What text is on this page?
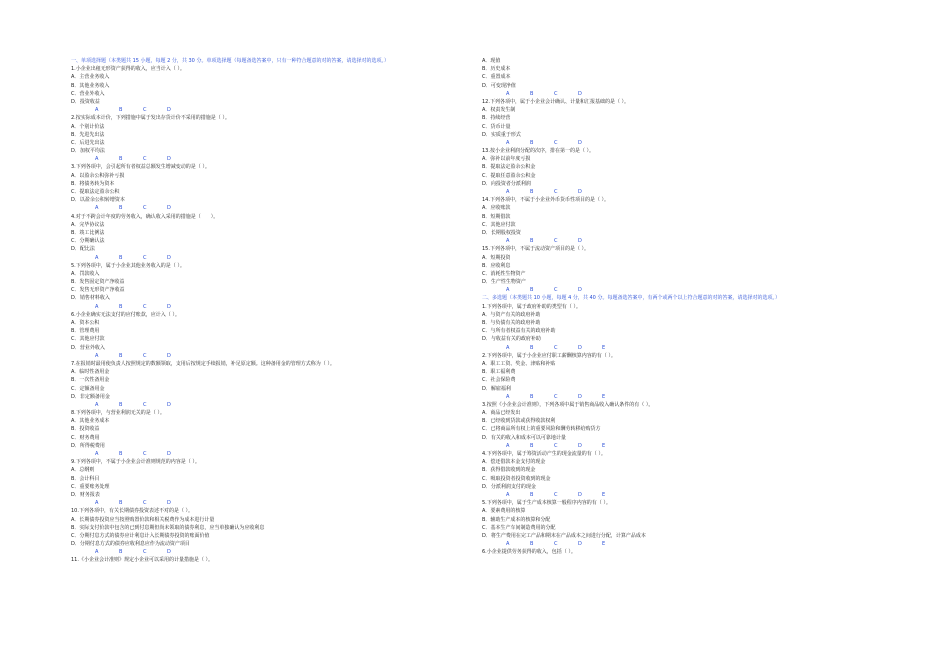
一、单项选择题（本类题共 15 小题，每题 2 分，共 30 分。单项选择题（每题备选答案中，只有一种符合题意的对的答案，请选择对的选项。）
1.小企业出租无形资产获得的收入，应当计入（ ）。
A．主营业务收入
B．其他业务收入
C．营业外收入
D．投资收益
A	B	C	D
2.按实际成本计价，下列措施中属于发出存货计价不采用的措施是（ ）。
A．个别计价法
B．先进先出法
C．后进先出法
D．加权平均法
A	B	C	D
3.下列各项中，会引起所有者权益总额发生增减变动的是（ ）。
A．以盈余公积弥补亏损
B．将债务转为资本
C．提取法定盈余公积
D．以盈余公积转增资本
A	B	C	D
4.对于不跨会计年度的劳务收入，确认收入采用的措施是（　　）。
A．完毕协议法
B．竣工比例法
C．分期确认法
D．配比法
A	B	C	D
5.下列各项中，属于小企业其他业务收入的是（ ）。
A．罚款收入
B．发售固定资产净收益
C．发售无形资产净收益
D．销售材料收入
A	B	C	D
6.小企业确实无法支付的应付账款，应计入（ ）。
A．资本公积
B．管理费用
C．其他应付款
D．营业外收入
A	B	C	D
7.在报销时最用使负责人按照规定的数额领取，支用后按规定手续报销，补足原定额。这种备用金的管理方式称为（ ）。
A．临时性备用金
B．一次性备用金
C．定额备用金
D．非定额备用金
A	B	C	D
8.下列各项中，与营业利润无关的是（ ）。
A．其他业务成本
B．投资收益
C．财务费用
D．所得税费用
A	B	C	D
9.下列各项中，不属于小企业会计准则规范的内容是（ ）。
A．总纲则
B．会计科目
C．重要账务处理
D．财务报表
A	B	C	D
10.下列各项中，有关长期债券投资表述不对的是（ ）。
A．长期债券投资应当按照购置价款和相关税费作为成本进行计量
B．实际支付价款中包含的已到付息期但尚未领取的债券利息，应当单独确认为应收利息
C．分期付息方式的债券应计利息计入长期债券投资的账面价值
D．分期付息方式的债券应收利息应作为流动资产项目
A	B	C	D
11.《小企业会计准则》规定小企业可以采用的计量措施是（ ）。
A．现值
B．历史成本
C．重置成本
D．可变现净值
A	B	C	D
12.下列各项中，属于小企业会计确认、计量和汇报基础的是（ ）。
A．权责发生制
B．持续经营
C．货币计量
D．实质重于形式
A	B	C	D
13.按小企业利润分配的次序，排在第一的是（ ）。
A．弥补以前年度亏损
B．提取法定盈余公积金
C．提取任意盈余公积金
D．向投资者分派利润
A	B	C	D
14.下列各项中，不属于小企业外币货币性项目的是（ ）。
A．应收账款
B．短期借款
C．其他应付款
D．长期股权投资
A	B	C	D
15.下列各项中，不属于流动资产项目的是（ ）。
A．短期投资
B．应收利息
C．消耗性生物资产
D．生产性生物资产
A	B	C	D
二、多选题（本类题共 10 小题，每题 4 分，共 40 分。每题备选答案中，有两个或两个以上符合题意的对的答案，请选择对的选项。）
1.下列各项中，属于政府补助的类型有（ ）。
A．与资产有关的政府补助
B．与负债有关的政府补助
C．与所有者权益有关的政府补助
D．与收益有关的政府补助
A	B	C	D	E
2.下列各项中，属于小企业应付职工薪酬核算内容的有（ ）。
A．职工工资、奖金、津贴和补贴
B．职工福利费
C．社会保险费
D．解雇福利
A	B	C	D	E
3.按照《小企业会计准则》，下列各项中属于销售商品收入确认条件的有（ ）。
A．商品已经发出
B．已经收到货款或获得收款权利
C．已将商品所有权上的重要风险和酬劳转移给购货方
D．有关的收入和成本可以可靠地计量
A	B	C	D	E
4.下列各项中，属于筹资活动产生的现金流量的有（ ）。
A．偿还借款本金支付的现金
B．获得借款收到的现金
C．吸取投资者投资收到的现金
D．分派利润支付的现金
A	B	C	D	E
5.下列各项中，属于生产成本核算一般程序内容的有（ ）。
A．要素费用的核算
B．辅助生产成本的核算和分配
C．基本生产车间制造费用的分配
D．将生产费用在完工产品和期末在产品成本之间进行分配，计算产品成本
A	B	C	D	E
6.小企业提供劳务获得的收入，包括（ ）。
